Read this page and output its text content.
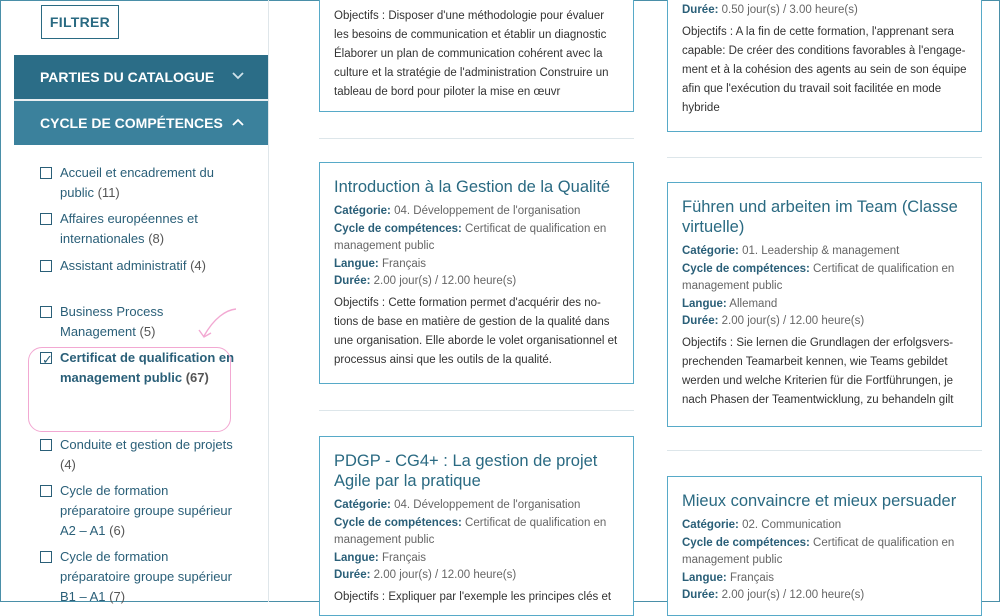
FILTRER
PARTIES DU CATALOGUE
CYCLE DE COMPÉTENCES
Accueil et encadrement du public (11)
Affaires européennes et internationales (8)
Assistant administratif (4)
Business Process Management (5)
✓ Certificat de qualification en management public (67)
Conduite et gestion de projets (4)
Cycle de formation préparatoire groupe supérieur A2 – A1 (6)
Cycle de formation préparatoire groupe supérieur B1 – A1 (7)
Objectifs : Disposer d'une méthodologie pour évaluer les besoins de communication et établir un diagnostic Élaborer un plan de communication cohérent avec la culture et la stratégie de l'administration Construire un tableau de bord pour piloter la mise en œuvr
Durée: 0.50 jour(s) / 3.00 heure(s)
Objectifs : A la fin de cette formation, l'apprenant sera capable: De créer des conditions favorables à l'engage-ment et à la cohésion des agents au sein de son équipe afin que l'exécution du travail soit facilitée en mode hybride
Introduction à la Gestion de la Qualité
Catégorie: 04. Développement de l'organisation
Cycle de compétences: Certificat de qualification en management public
Langue: Français
Durée: 2.00 jour(s) / 12.00 heure(s)
Objectifs : Cette formation permet d'acquérir des no-tions de base en matière de gestion de la qualité dans une organisation. Elle aborde le volet organisationnel et processus ainsi que les outils de la qualité.
Führen und arbeiten im Team (Classe virtuelle)
Catégorie: 01. Leadership & management
Cycle de compétences: Certificat de qualification en management public
Langue: Allemand
Durée: 2.00 jour(s) / 12.00 heure(s)
Objectifs : Sie lernen die Grundlagen der erfolgsvers-prechenden Teamarbeit kennen, wie Teams gebildet werden und welche Kriterien für die Fortführungen, je nach Phasen der Teamentwicklung, zu behandeln gilt
PDGP - CG4+ : La gestion de projet Agile par la pratique
Catégorie: 04. Développement de l'organisation
Cycle de compétences: Certificat de qualification en management public
Langue: Français
Durée: 2.00 jour(s) / 12.00 heure(s)
Objectifs : Expliquer par l'exemple les principes clés et
Mieux convaincre et mieux persuader
Catégorie: 02. Communication
Cycle de compétences: Certificat de qualification en management public
Langue: Français
Durée: 2.00 jour(s) / 12.00 heure(s)
